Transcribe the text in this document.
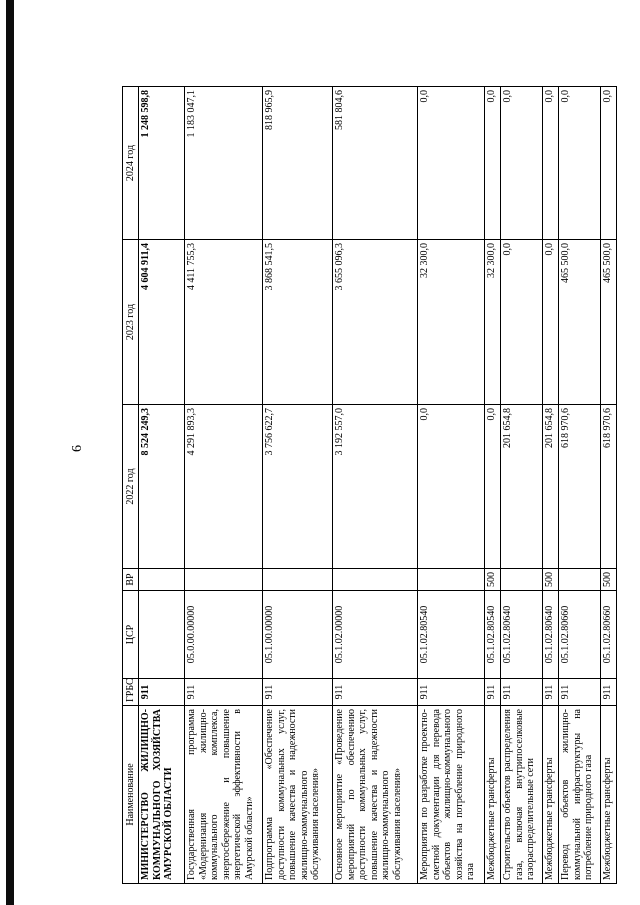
6
Наименование	ГРБС	ЦСР	ВР	2022 год	2023 год	2024 год
МИНИСТЕРСТВО ЖИЛИЩНО-КОММУНАЛЬНОГО ХОЗЯЙСТВА АМУРСКОЙ ОБЛАСТИ	911			8 524 249,3	4 604 911,4	1 248 598,8
Государственная программа «Модернизация жилищно-коммунального комплекса, энергосбережение и повышение энергетической эффективности в Амурской области»	911	05.0.00.00000		4 291 893,3	4 411 755,3	1 183 047,1
Подпрограмма «Обеспечение доступности коммунальных услуг, повышение качества и надежности жилищно-коммунального обслуживания населения»	911	05.1.00.00000		3 756 622,7	3 868 541,5	818 965,9
Основное мероприятие «Проведение мероприятий по обеспечению доступности коммунальных услуг, повышение качества и надежности жилищно-коммунального обслуживания населения»	911	05.1.02.00000		3 192 557,0	3 655 096,3	581 804,6
Мероприятия по разработке проектно-сметной документации для перевода объектов жилищно-коммунального хозяйства на потребление природного газа	911	05.1.02.80540		0,0	32 300,0	0,0
Межбюджетные трансферты	911	05.1.02.80540	500	0,0	32 300,0	0,0
Строительство объектов распределения газа, включая внутрипоселковые газораспределительные сети	911	05.1.02.80640		201 654,8	0,0	0,0
Межбюджетные трансферты	911	05.1.02.80640	500	201 654,8	0,0	0,0
Перевод объектов жилищно-коммунальной инфраструктуры на потребление природного газа	911	05.1.02.80660		618 970,6	465 500,0	0,0
Межбюджетные трансферты	911	05.1.02.80660	500	618 970,6	465 500,0	0,0
